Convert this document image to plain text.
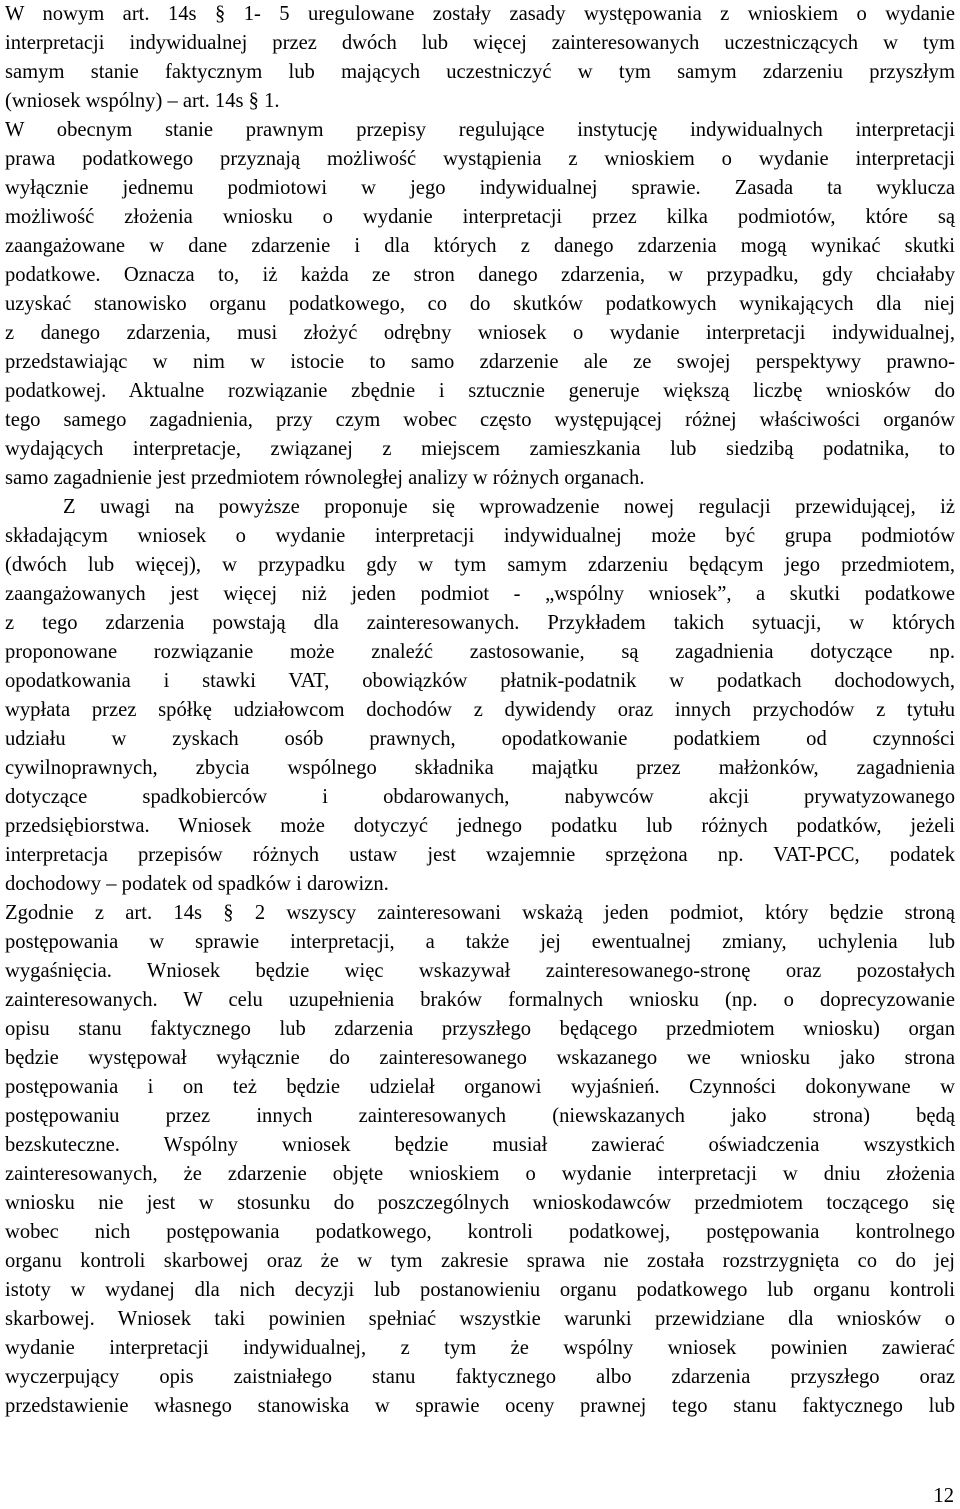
W nowym art. 14s § 1- 5 uregulowane zostały zasady występowania z wnioskiem o wydanie
interpretacji indywidualnej przez dwóch lub więcej zainteresowanych uczestniczących w tym
samym stanie faktycznym lub mających uczestniczyć w tym samym zdarzeniu przyszłym
(wniosek wspólny) – art. 14s § 1.
W obecnym stanie prawnym przepisy regulujące instytucję indywidualnych interpretacji
prawa podatkowego przyznają możliwość wystąpienia z wnioskiem o wydanie interpretacji
wyłącznie jednemu podmiotowi w jego indywidualnej sprawie. Zasada ta wyklucza
możliwość złożenia wniosku o wydanie interpretacji przez kilka podmiotów, które są
zaangażowane w dane zdarzenie i dla których z danego zdarzenia mogą wynikać skutki
podatkowe. Oznacza to, iż każda ze stron danego zdarzenia, w przypadku, gdy chciałaby
uzyskać stanowisko organu podatkowego, co do skutków podatkowych wynikających dla niej
z danego zdarzenia, musi złożyć odrębny wniosek o wydanie interpretacji indywidualnej,
przedstawiając w nim w istocie to samo zdarzenie ale ze swojej perspektywy prawno-
podatkowej. Aktualne rozwiązanie zbędnie i sztucznie generuje większą liczbę wniosków do
tego samego zagadnienia, przy czym wobec często występującej różnej właściwości organów
wydających interpretacje, związanej z miejscem zamieszkania lub siedzibą podatnika, to
samo zagadnienie jest przedmiotem równoległej analizy w różnych organach.
Z uwagi na powyższe proponuje się wprowadzenie nowej regulacji przewidującej, iż
składającym wniosek o wydanie interpretacji indywidualnej może być grupa podmiotów
(dwóch lub więcej), w przypadku gdy w tym samym zdarzeniu będącym jego przedmiotem,
zaangażowanych jest więcej niż jeden podmiot - „wspólny wniosek”, a skutki podatkowe
z tego zdarzenia powstają dla zainteresowanych. Przykładem takich sytuacji, w których
proponowane rozwiązanie może znaleźć zastosowanie, są zagadnienia dotyczące np.
opodatkowania i stawki VAT, obowiązków płatnik-podatnik w podatkach dochodowych,
wypłata przez spółkę udziałowcom dochodów z dywidendy oraz innych przychodów z tytułu
udziału w zyskach osób prawnych, opodatkowanie podatkiem od czynności
cywilnoprawnych, zbycia wspólnego składnika majątku przez małżonków, zagadnienia
dotyczące spadkobierców i obdarowanych, nabywców akcji prywatyzowanego
przedsiębiorstwa. Wniosek może dotyczyć jednego podatku lub różnych podatków, jeżeli
interpretacja przepisów różnych ustaw jest wzajemnie sprzężona np. VAT-PCC, podatek
dochodowy – podatek od spadków i darowizn.
Zgodnie z art. 14s § 2 wszyscy zainteresowani wskażą jeden podmiot, który będzie stroną
postępowania w sprawie interpretacji, a także jej ewentualnej zmiany, uchylenia lub
wygaśnięcia. Wniosek będzie więc wskazywał zainteresowanego-stronę oraz pozostałych
zainteresowanych. W celu uzupełnienia braków formalnych wniosku (np. o doprecyzowanie
opisu stanu faktycznego lub zdarzenia przyszłego będącego przedmiotem wniosku) organ
będzie występował wyłącznie do zainteresowanego wskazanego we wniosku jako strona
postępowania i on też będzie udzielał organowi wyjaśnień. Czynności dokonywane w
postępowaniu przez innych zainteresowanych (niewskazanych jako strona) będą
bezskuteczne. Wspólny wniosek będzie musiał zawierać oświadczenia wszystkich
zainteresowanych, że zdarzenie objęte wnioskiem o wydanie interpretacji w dniu złożenia
wniosku nie jest w stosunku do poszczególnych wnioskodawców przedmiotem toczącego się
wobec nich postępowania podatkowego, kontroli podatkowej, postępowania kontrolnego
organu kontroli skarbowej oraz że w tym zakresie sprawa nie została rozstrzygnięta co do jej
istoty w wydanej dla nich decyzji lub postanowieniu organu podatkowego lub organu kontroli
skarbowej. Wniosek taki powinien spełniać wszystkie warunki przewidziane dla wniosków o
wydanie interpretacji indywidualnej, z tym że wspólny wniosek powinien zawierać
wyczerpujący opis zaistniałego stanu faktycznego albo zdarzenia przyszłego oraz
przedstawienie własnego stanowiska w sprawie oceny prawnej tego stanu faktycznego lub
12
